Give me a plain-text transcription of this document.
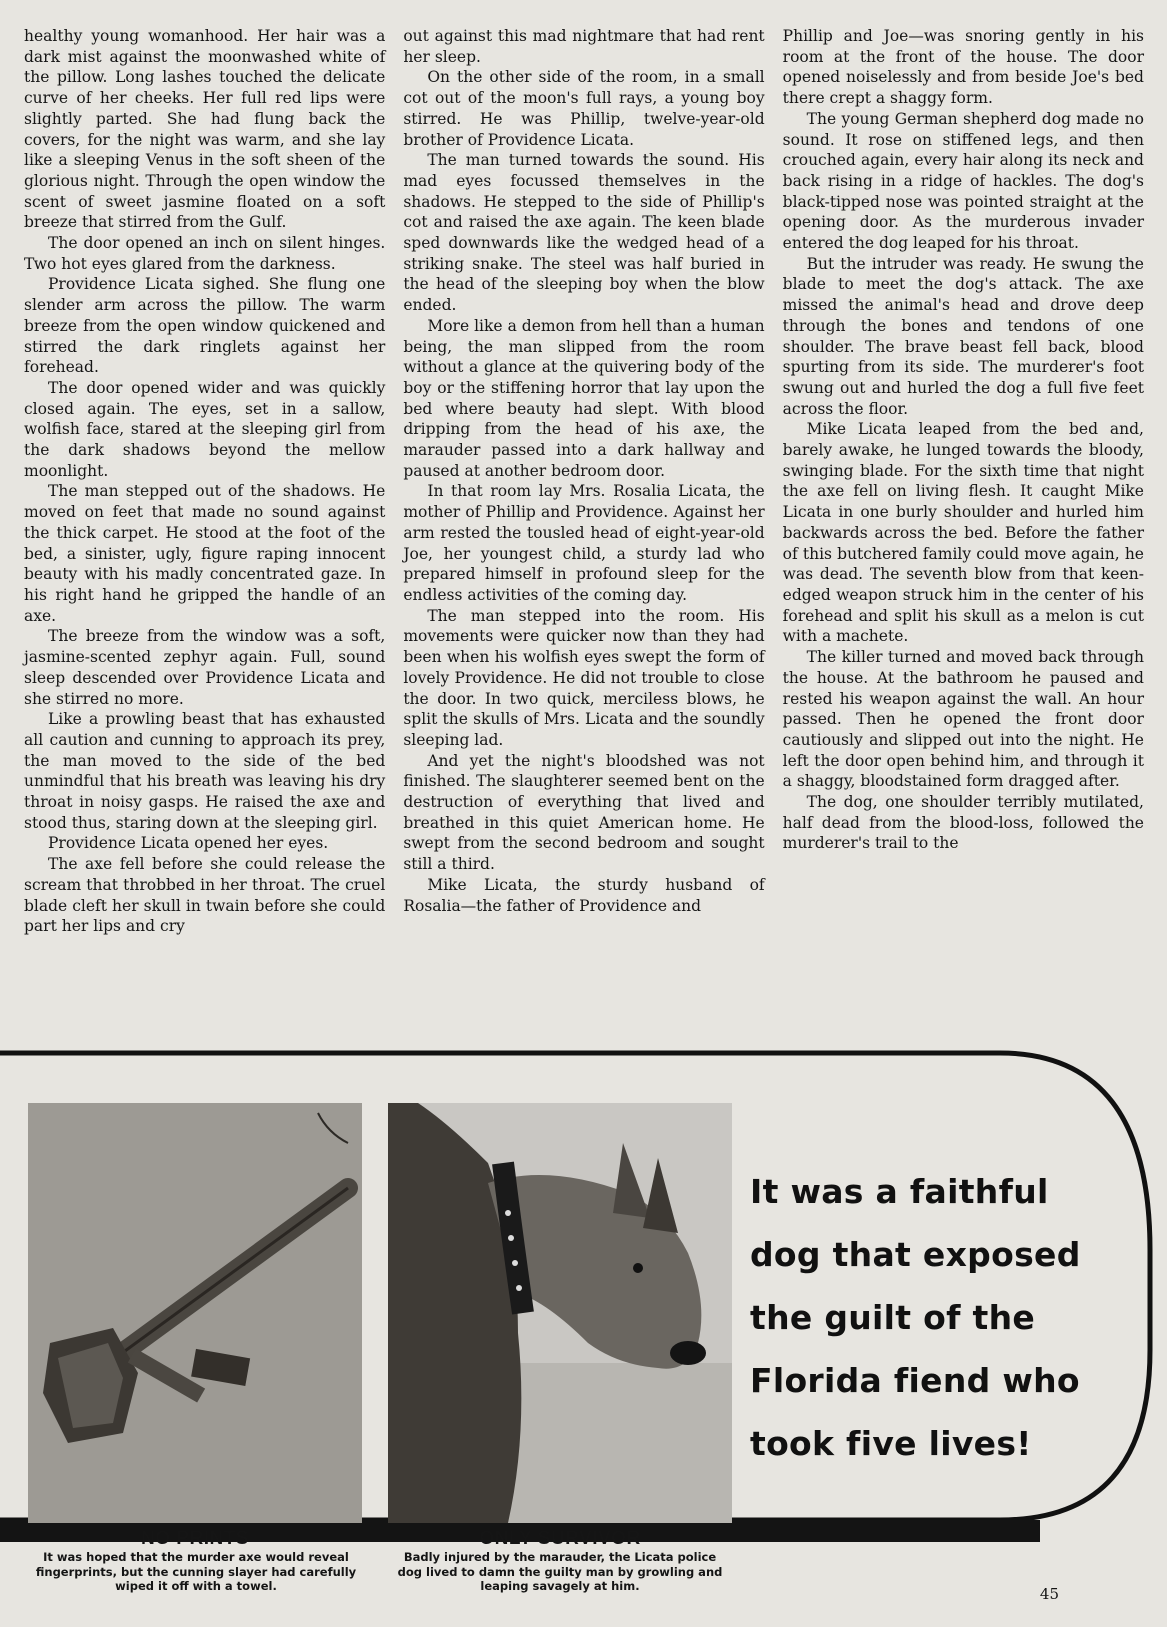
healthy young womanhood. Her hair was a dark mist against the moonwashed white of the pillow. Long lashes touched the delicate curve of her cheeks. Her full red lips were slightly parted. She had flung back the covers, for the night was warm, and she lay like a sleeping Venus in the soft sheen of the glorious night. Through the open window the scent of sweet jasmine floated on a soft breeze that stirred from the Gulf.

The door opened an inch on silent hinges. Two hot eyes glared from the darkness.

Providence Licata sighed. She flung one slender arm across the pillow. The warm breeze from the open window quickened and stirred the dark ringlets against her forehead.

The door opened wider and was quickly closed again. The eyes, set in a sallow, wolfish face, stared at the sleeping girl from the dark shadows beyond the mellow moonlight.

The man stepped out of the shadows. He moved on feet that made no sound against the thick carpet. He stood at the foot of the bed, a sinister, ugly, figure raping innocent beauty with his madly concentrated gaze. In his right hand he gripped the handle of an axe.

The breeze from the window was a soft, jasmine-scented zephyr again. Full, sound sleep descended over Providence Licata and she stirred no more.

Like a prowling beast that has exhausted all caution and cunning to approach its prey, the man moved to the side of the bed unmindful that his breath was leaving his dry throat in noisy gasps. He raised the axe and stood thus, staring down at the sleeping girl.

Providence Licata opened her eyes.

The axe fell before she could release the scream that throbbed in her throat. The cruel blade cleft her skull in twain before she could part her lips and cry

out against this mad nightmare that had rent her sleep.

On the other side of the room, in a small cot out of the moon's full rays, a young boy stirred. He was Phillip, twelve-year-old brother of Providence Licata.

The man turned towards the sound. His mad eyes focussed themselves in the shadows. He stepped to the side of Phillip's cot and raised the axe again. The keen blade sped downwards like the wedged head of a striking snake. The steel was half buried in the head of the sleeping boy when the blow ended.

More like a demon from hell than a human being, the man slipped from the room without a glance at the quivering body of the boy or the stiffening horror that lay upon the bed where beauty had slept. With blood dripping from the head of his axe, the marauder passed into a dark hallway and paused at another bedroom door.

In that room lay Mrs. Rosalia Licata, the mother of Phillip and Providence. Against her arm rested the tousled head of eight-year-old Joe, her youngest child, a sturdy lad who prepared himself in profound sleep for the endless activities of the coming day.

The man stepped into the room. His movements were quicker now than they had been when his wolfish eyes swept the form of lovely Providence. He did not trouble to close the door. In two quick, merciless blows, he split the skulls of Mrs. Licata and the soundly sleeping lad.

And yet the night's bloodshed was not finished. The slaughterer seemed bent on the destruction of everything that lived and breathed in this quiet American home. He swept from the second bedroom and sought still a third.

Mike Licata, the sturdy husband of Rosalia—the father of Providence and

Phillip and Joe—was snoring gently in his room at the front of the house. The door opened noiselessly and from beside Joe's bed there crept a shaggy form.

The young German shepherd dog made no sound. It rose on stiffened legs, and then crouched again, every hair along its neck and back rising in a ridge of hackles. The dog's black-tipped nose was pointed straight at the opening door. As the murderous invader entered the dog leaped for his throat.

But the intruder was ready. He swung the blade to meet the dog's attack. The axe missed the animal's head and drove deep through the bones and tendons of one shoulder. The brave beast fell back, blood spurting from its side. The murderer's foot swung out and hurled the dog a full five feet across the floor.

Mike Licata leaped from the bed and, barely awake, he lunged towards the bloody, swinging blade. For the sixth time that night the axe fell on living flesh. It caught Mike Licata in one burly shoulder and hurled him backwards across the bed. Before the father of this butchered family could move again, he was dead. The seventh blow from that keen-edged weapon struck him in the center of his forehead and split his skull as a melon is cut with a machete.

The killer turned and moved back through the house. At the bathroom he paused and rested his weapon against the wall. An hour passed. Then he opened the front door cautiously and slipped out into the night. He left the door open behind him, and through it a shaggy, bloodstained form dragged after.

The dog, one shoulder terribly mutilated, half dead from the blood-loss, followed the murderer's trail to the

NO PRINTS
It was hoped that the murder axe would reveal fingerprints, but the cunning slayer had carefully wiped it off with a towel.
ONLY SURVIVOR
Badly injured by the marauder, the Licata police dog lived to damn the guilty man by growling and leaping savagely at him.
It was a faithful
dog that exposed
the guilt of the
Florida fiend who
took five lives!
45
